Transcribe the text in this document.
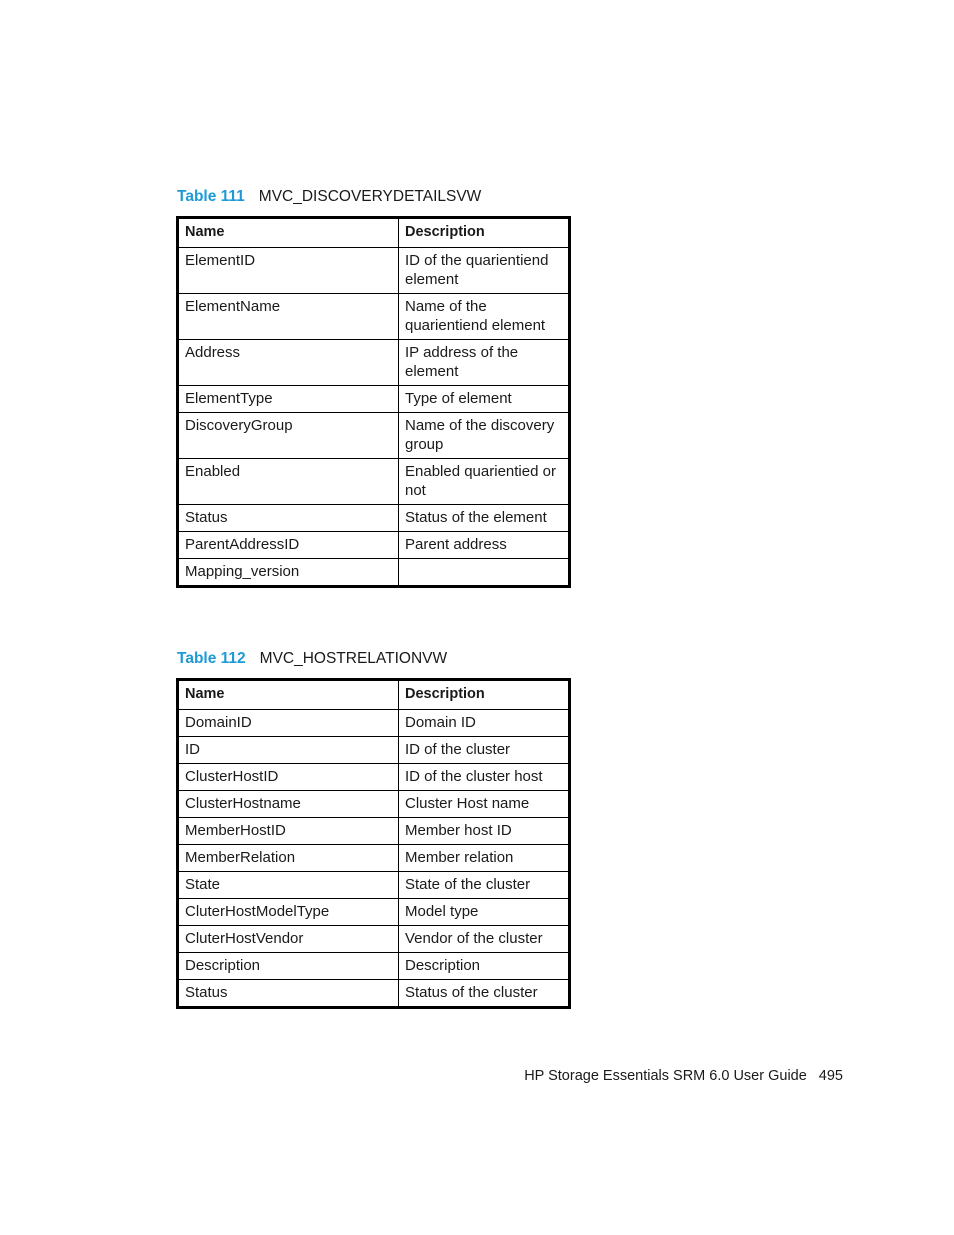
Table 111 MVC_DISCOVERYDETAILSVW
Name	Description
ElementID	ID of the quarientiend element
ElementName	Name of the quarientiend element
Address	IP address of the element
ElementType	Type of element
DiscoveryGroup	Name of the discovery group
Enabled	Enabled quarientied or not
Status	Status of the element
ParentAddressID	Parent address
Mapping_version	
Table 112 MVC_HOSTRELATIONVW
Name	Description
DomainID	Domain ID
ID	ID of the cluster
ClusterHostID	ID of the cluster host
ClusterHostname	Cluster Host name
MemberHostID	Member host ID
MemberRelation	Member relation
State	State of the cluster
CluterHostModelType	Model type
CluterHostVendor	Vendor of the cluster
Description	Description
Status	Status of the cluster
HP Storage Essentials SRM 6.0 User Guide 495
